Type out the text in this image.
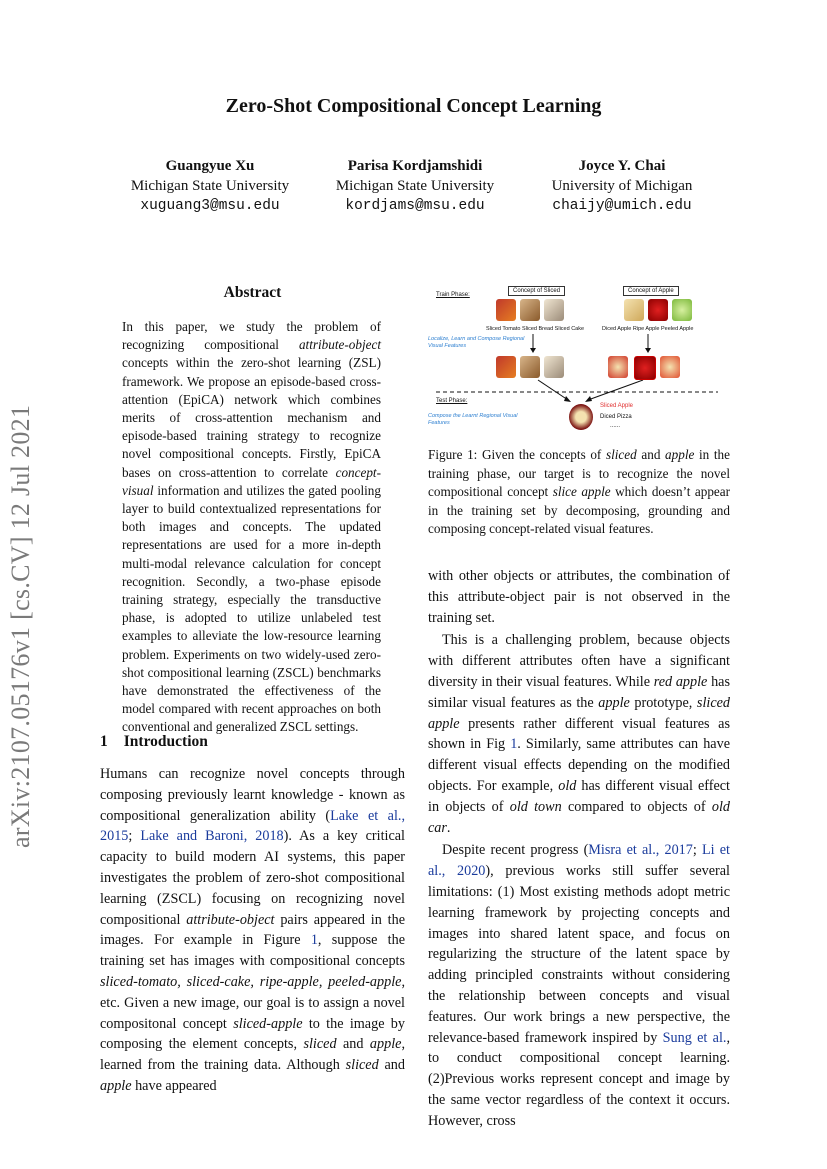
Zero-Shot Compositional Concept Learning
Guangyue Xu
Michigan State University
xuguang3@msu.edu
Parisa Kordjamshidi
Michigan State University
kordjams@msu.edu
Joyce Y. Chai
University of Michigan
chaijy@umich.edu
arXiv:2107.05176v1 [cs.CV] 12 Jul 2021
Abstract
In this paper, we study the problem of recognizing compositional attribute-object concepts within the zero-shot learning (ZSL) framework. We propose an episode-based cross-attention (EpiCA) network which combines merits of cross-attention mechanism and episode-based training strategy to recognize novel compositional concepts. Firstly, EpiCA bases on cross-attention to correlate concept-visual information and utilizes the gated pooling layer to build contextualized representations for both images and concepts. The updated representations are used for a more in-depth multi-modal relevance calculation for concept recognition. Secondly, a two-phase episode training strategy, especially the transductive phase, is adopted to utilize unlabeled test examples to alleviate the low-resource learning problem. Experiments on two widely-used zero-shot compositional learning (ZSCL) benchmarks have demonstrated the effectiveness of the model compared with recent approaches on both conventional and generalized ZSCL settings.
1 Introduction

Humans can recognize novel concepts through composing previously learnt knowledge - known as compositional generalization ability (Lake et al., 2015; Lake and Baroni, 2018). As a key critical capacity to build modern AI systems, this paper investigates the problem of zero-shot compositional learning (ZSCL) focusing on recognizing novel compositional attribute-object pairs appeared in the images. For example in Figure 1, suppose the training set has images with compositional concepts sliced-tomato, sliced-cake, ripe-apple, peeled-apple, etc. Given a new image, our goal is to assign a novel compositonal concept sliced-apple to the image by composing the element concepts, sliced and apple, learned from the training data. Although sliced and apple have appeared

Train Phase:
Concept of Sliced	Concept of Apple
Sliced Tomato Sliced Bread Sliced Cake	Diced Apple Ripe Apple Peeled Apple
Localize, Learn and Compose Regional Visual Features
Test Phase:
Compose the Learnt Regional Visual Features
Sliced Apple
Diced Pizza
......
Figure 1: Given the concepts of sliced and apple in the training phase, our target is to recognize the novel compositional concept slice apple which doesn’t appear in the training set by decomposing, grounding and composing concept-related visual features.

with other objects or attributes, the combination of this attribute-object pair is not observed in the training set.

This is a challenging problem, because objects with different attributes often have a significant diversity in their visual features. While red apple has similar visual features as the apple prototype, sliced apple presents rather different visual features as shown in Fig 1. Similarly, same attributes can have different visual effects depending on the modified objects. For example, old has different visual effect in objects of old town compared to objects of old car.

Despite recent progress (Misra et al., 2017; Li et al., 2020), previous works still suffer several limitations: (1) Most existing methods adopt metric learning framework by projecting concepts and images into shared latent space, and focus on regularizing the structure of the latent space by adding principled constraints without considering the relationship between concepts and visual features. Our work brings a new perspective, the relevance-based framework inspired by Sung et al., to conduct compositional concept learning. (2)Previous works represent concept and image by the same vector regardless of the context it occurs. However, cross
